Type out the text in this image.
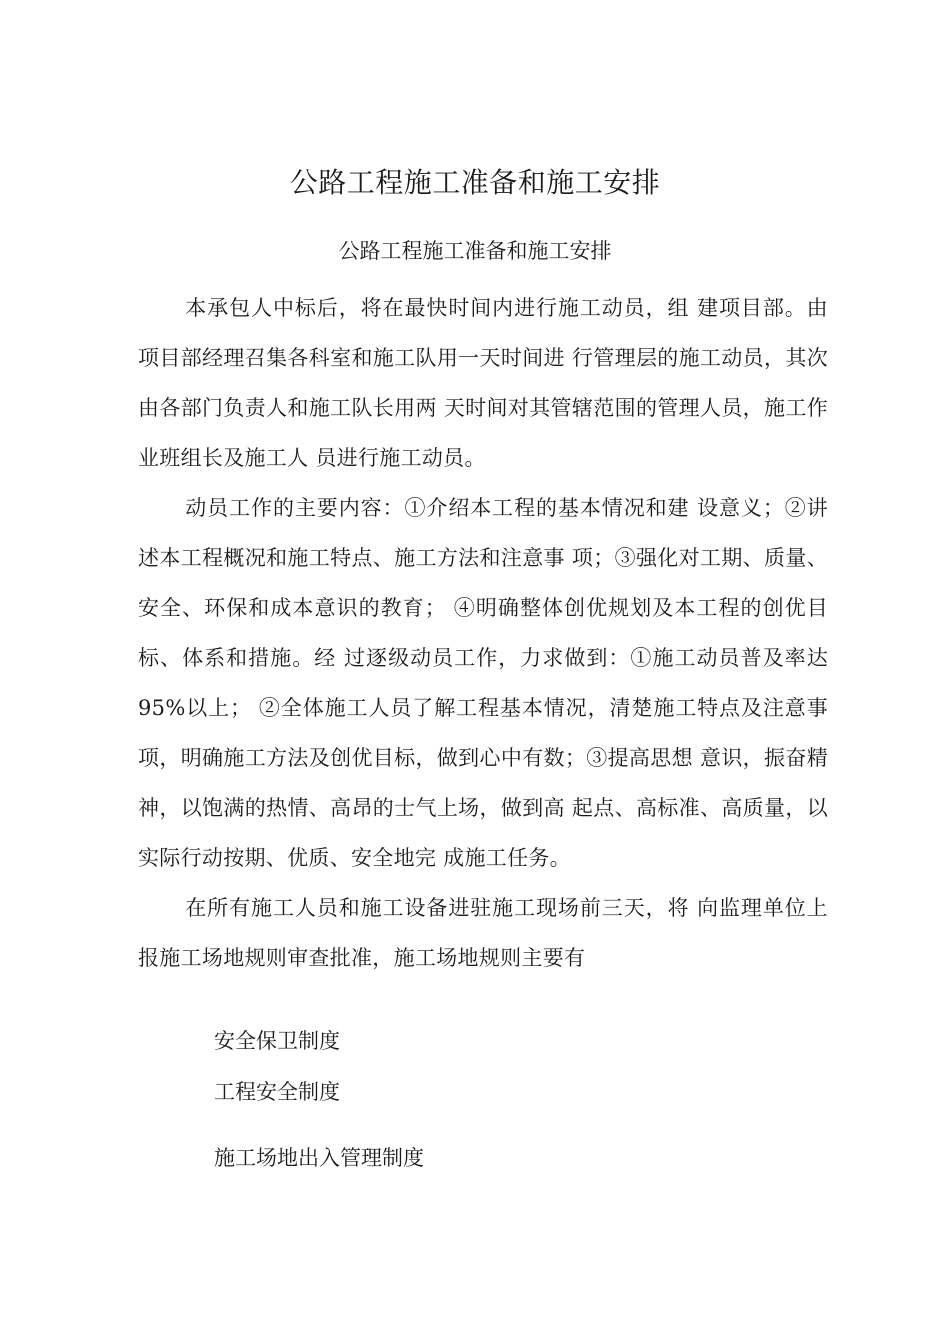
公路工程施工准备和施工安排
公路工程施工准备和施工安排

本承包人中标后，将在最快时间内进行施工动员，组 建项目部。由项目部经理召集各科室和施工队用一天时间进 行管理层的施工动员，其次由各部门负责人和施工队长用两 天时间对其管辖范围的管理人员，施工作业班组长及施工人 员进行施工动员。

动员工作的主要内容：①介绍本工程的基本情况和建 设意义；②讲述本工程概况和施工特点、施工方法和注意事 项；③强化对工期、质量、安全、环保和成本意识的教育； ④明确整体创优规划及本工程的创优目标、体系和措施。经 过逐级动员工作，力求做到：①施工动员普及率达95%以上； ②全体施工人员了解工程基本情况，清楚施工特点及注意事 项，明确施工方法及创优目标，做到心中有数；③提高思想 意识，振奋精神，以饱满的热情、高昂的士气上场，做到高 起点、高标准、高质量，以实际行动按期、优质、安全地完 成施工任务。

在所有施工人员和施工设备进驻施工现场前三天，将 向监理单位上报施工场地规则审查批准，施工场地规则主要有

安全保卫制度
工程安全制度
施工场地出入管理制度
